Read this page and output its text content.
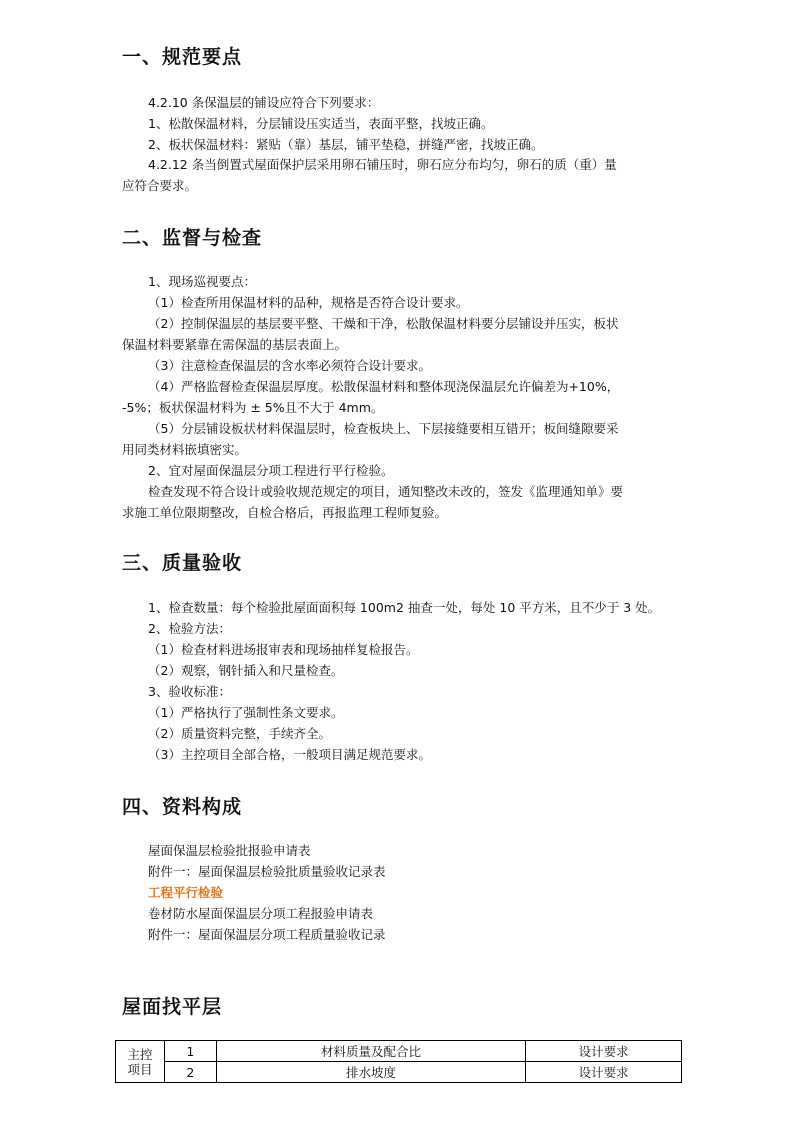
一、规范要点
4.2.10 条保温层的铺设应符合下列要求：
1、松散保温材料，分层铺设压实适当，表面平整，找坡正确。
2、板状保温材料：紧贴（靠）基层，铺平垫稳，拼缝严密，找坡正确。
4.2.12 条当倒置式屋面保护层采用卵石铺压时，卵石应分布均匀，卵石的质（重）量
应符合要求。
二、监督与检查
1、现场巡视要点：
（1）检查所用保温材料的品种，规格是否符合设计要求。
（2）控制保温层的基层要平整、干燥和干净，松散保温材料要分层铺设并压实，板状
保温材料要紧靠在需保温的基层表面上。
（3）注意检查保温层的含水率必须符合设计要求。
（4）严格监督检查保温层厚度。松散保温材料和整体现浇保温层允许偏差为+10%，
-5%；板状保温材料为 ± 5%且不大于 4mm。
（5）分层铺设板状材料保温层时，检查板块上、下层接缝要相互错开；板间缝隙要采
用同类材料嵌填密实。
2、宜对屋面保温层分项工程进行平行检验。
检查发现不符合设计或验收规范规定的项目，通知整改未改的，签发《监理通知单》要
求施工单位限期整改，自检合格后，再报监理工程师复验。
三、质量验收
1、检查数量：每个检验批屋面面积每 100m2 抽查一处，每处 10 平方米，且不少于 3 处。
2、检验方法：
（1）检查材料进场报审表和现场抽样复检报告。
（2）观察，钢针插入和尺量检查。
3、验收标准：
（1）严格执行了强制性条文要求。
（2）质量资料完整，手续齐全。
（3）主控项目全部合格，一般项目满足规范要求。
四、资料构成
屋面保温层检验批报验申请表
附件一：屋面保温层检验批质量验收记录表
工程平行检验
卷材防水屋面保温层分项工程报验申请表
附件一：屋面保温层分项工程质量验收记录
屋面找平层
主控
项目	1	材料质量及配合比	设计要求
	2	排水坡度	设计要求
